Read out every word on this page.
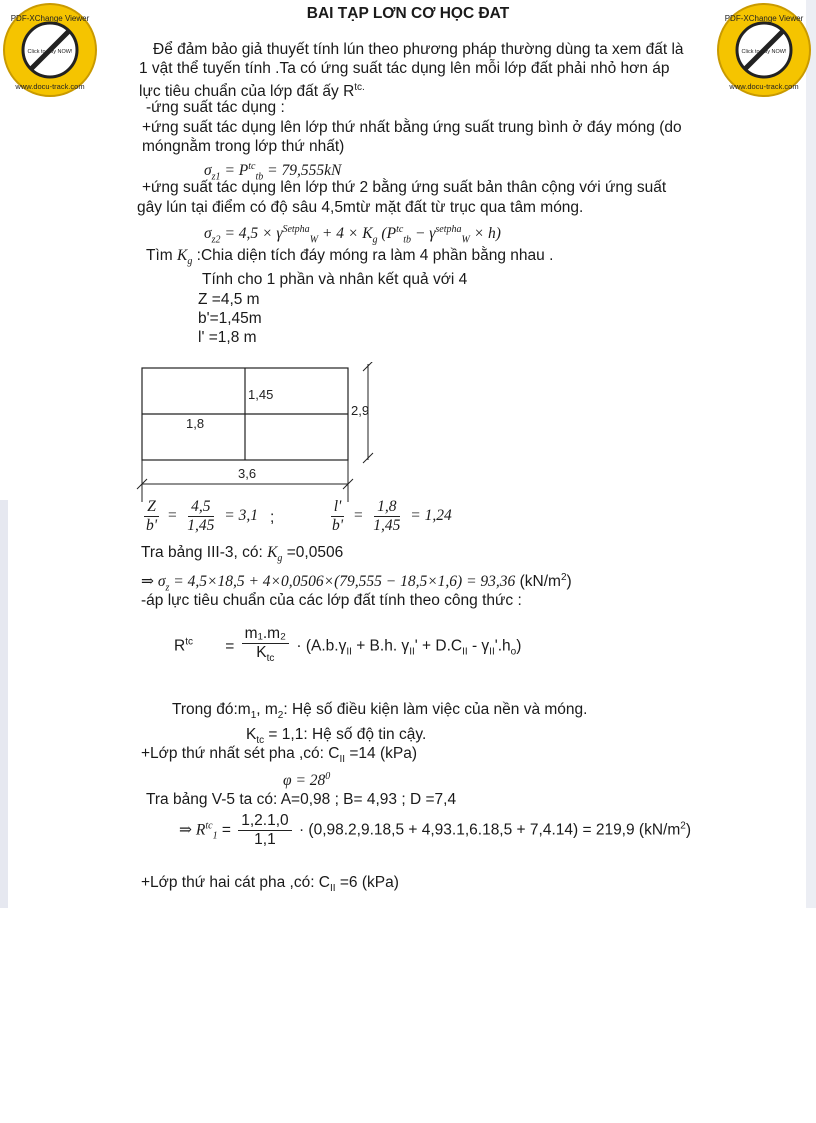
PDF-XChange Viewer
Click to buy NOW!
www.docu-track.com
PDF-XChange Viewer
Click to buy NOW!
www.docu-track.com
BAI TẠP LƠN CƠ HỌC ĐAT
Để đảm bảo giả thuyết tính lún theo phương pháp thường dùng ta xem đất là
1 vật thể tuyến tính .Ta có ứng suất tác dụng lên mỗi lớp đất phải nhỏ hơn áp
lực tiêu chuẩn của lớp đất ấy $R^{tc.}$
-ứng suất tác dụng :
+ứng suất tác dụng lên lớp thứ nhất bằng ứng suất trung bình ở đáy móng (do
móngnằm trong lớp thứ nhất)
$\sigma_{z1} = P^{tc}_{tb} = 79,555kN$
+ứng suất tác dụng lên lớp thứ 2 bằng ứng suất bản thân cộng với ứng suất
gây lún tại điểm có độ sâu 4,5mtừ mặt đất từ trục qua tâm móng.
$\sigma_{z2} = 4,5 \times \gamma^{Setpha}_W + 4 \times K_g$ $(P^{tc}_{tb} - \gamma^{setpha}_W \times h)$
Tìm $K_g$ :Chia diện tích đáy móng ra làm 4 phần bằng nhau .
Tính cho 1 phần và nhân kết quả với 4
Z =4,5 m
b'=1,45m
l' =1,8 m
1,45
1,8
2,9
3,6
$\frac{Z}{b'} = \frac{4,5}{1,45} = 3,1$ ;	$\frac{l'}{b'} = \frac{1,8}{1,45} = 1,24$
Tra bảng III-3, có: $K_g =0,0506$
⇒ $\sigma_z = 4,5\times 18,5 + 4\times 0,0506\times(79,555 - 18,5\times 1,6) = 93,36$ $(kN/m^2)$
-áp lực tiêu chuẩn của các lớp đất tính theo công thức :
$R^{tc} = \frac{\text{m₁.m₂}}{K_{tc}} \cdot (A.b.\gamma_{II} + B.h$. $\gamma_{II}' + D.C_{II} - \gamma_{II}'.h_o$)
Trong $đó:m_1$, $m_2$: Hệ số điều kiện làm việc của nền và móng.
$K_{tc} = 1,1$: Hệ số độ tin cậy.
+Lớp thứ nhất sét pha ,có: $C_{II} =14$ (kPa)
$\varphi = 28^0$
Tra bảng V-5 ta có: A=0,98 ; B= 4,93 ; D =7,4
⇒ $R^{tc}_1 = \frac{1,2.1,0}{1,1} \cdot (0,98.2,9.18,5 + 4,93.1,6.18,5 + 7,4.14) = 219,9$ $(kN/m^2)$
+Lớp thứ hai cát pha ,có: $C_{II} =6$ (kPa)
